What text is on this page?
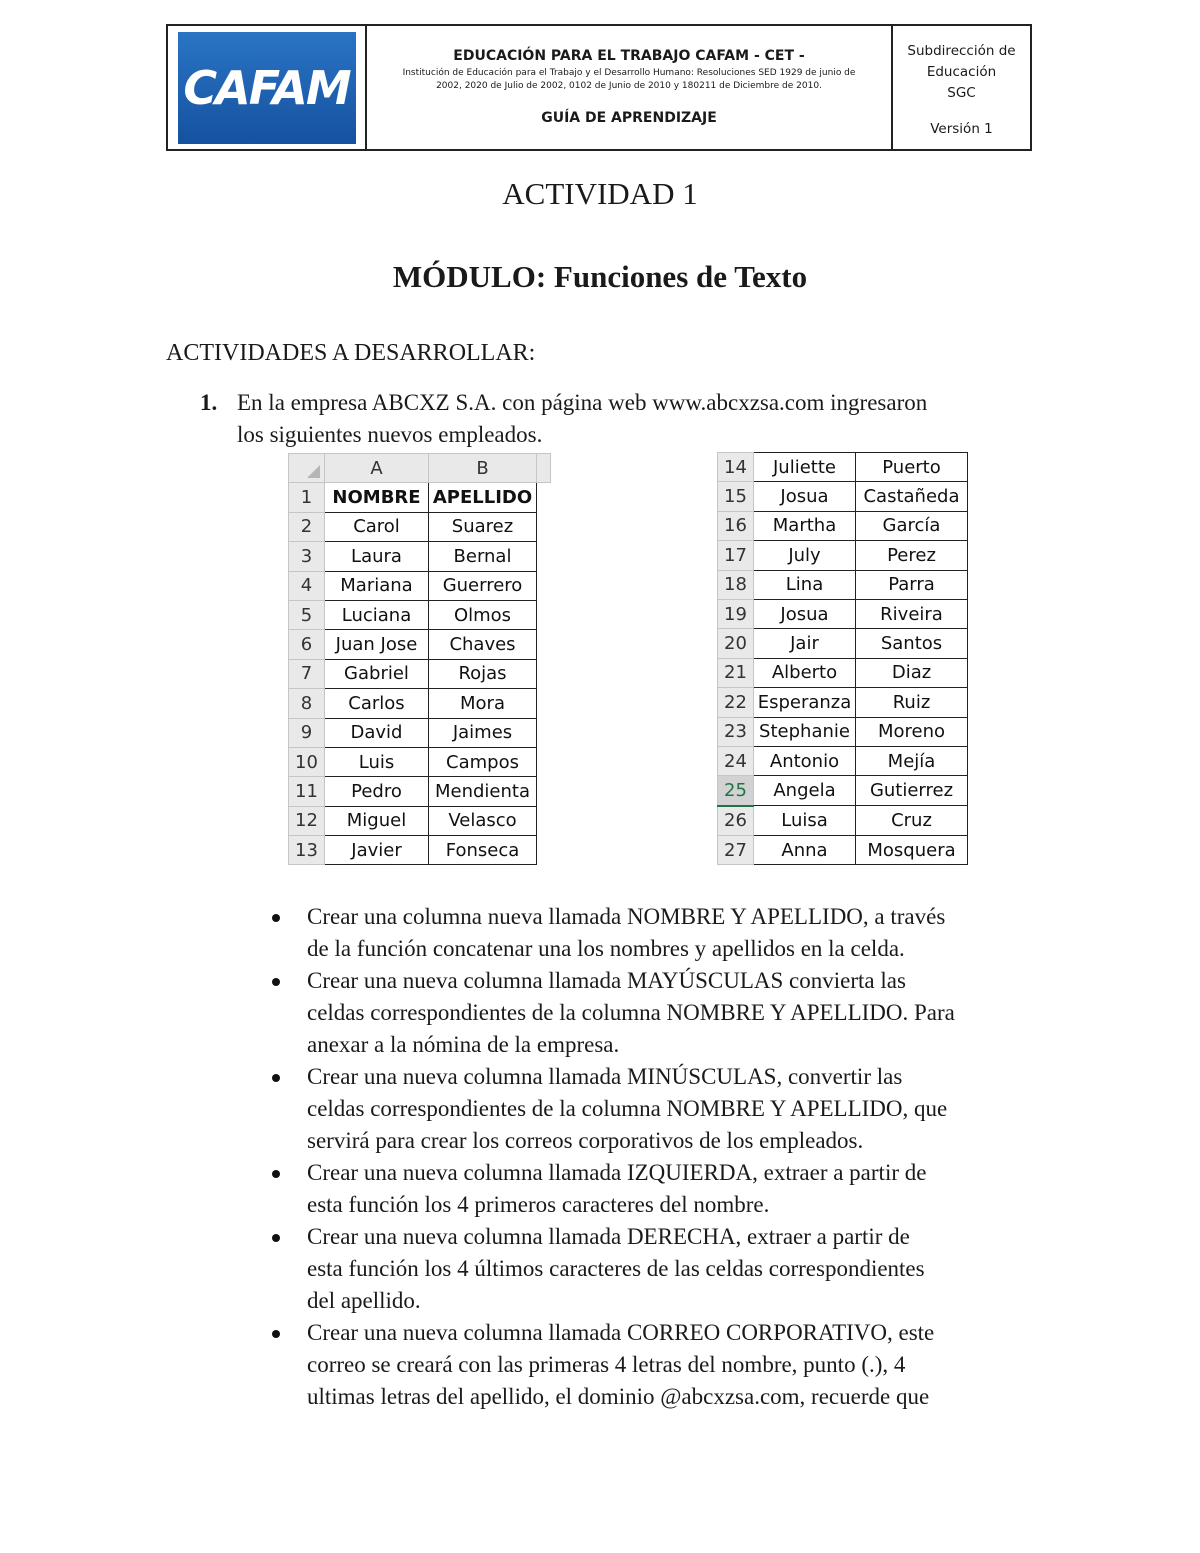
CAFAM
EDUCACIÓN PARA EL TRABAJO CAFAM - CET -
Institución de Educación para el Trabajo y el Desarrollo Humano: Resoluciones SED 1929 de junio de
2002, 2020 de Julio de 2002, 0102 de Junio de 2010 y 180211 de Diciembre de 2010.
GUÍA DE APRENDIZAJE
Subdirección de
Educación
SGC
Versión 1
ACTIVIDAD 1
MÓDULO: Funciones de Texto
ACTIVIDADES A DESARROLLAR:
1. En la empresa ABCXZ S.A. con página web www.abcxzsa.com ingresaron
los siguientes nuevos empleados.
	A	B	
1	NOMBRE	APELLIDO	
2	Carol	Suarez	
3	Laura	Bernal	
4	Mariana	Guerrero	
5	Luciana	Olmos	
6	Juan Jose	Chaves	
7	Gabriel	Rojas	
8	Carlos	Mora	
9	David	Jaimes	
10	Luis	Campos	
11	Pedro	Mendienta	
12	Miguel	Velasco	
13	Javier	Fonseca	
14	Juliette	Puerto	
15	Josua	Castañeda	
16	Martha	García	
17	July	Perez	
18	Lina	Parra	
19	Josua	Riveira	
20	Jair	Santos	
21	Alberto	Diaz	
22	Esperanza	Ruiz	
23	Stephanie	Moreno	
24	Antonio	Mejía	
25	Angela	Gutierrez	
26	Luisa	Cruz	
27	Anna	Mosquera	
Crear una columna nueva llamada NOMBRE Y APELLIDO, a través
de la función concatenar una los nombres y apellidos en la celda.
Crear una nueva columna llamada MAYÚSCULAS convierta las
celdas correspondientes de la columna NOMBRE Y APELLIDO. Para
anexar a la nómina de la empresa.
Crear una nueva columna llamada MINÚSCULAS, convertir las
celdas correspondientes de la columna NOMBRE Y APELLIDO, que
servirá para crear los correos corporativos de los empleados.
Crear una nueva columna llamada IZQUIERDA, extraer a partir de
esta función los 4 primeros caracteres del nombre.
Crear una nueva columna llamada DERECHA, extraer a partir de
esta función los 4 últimos caracteres de las celdas correspondientes
del apellido.
Crear una nueva columna llamada CORREO CORPORATIVO, este
correo se creará con las primeras 4 letras del nombre, punto (.), 4
ultimas letras del apellido, el dominio @abcxzsa.com, recuerde que
